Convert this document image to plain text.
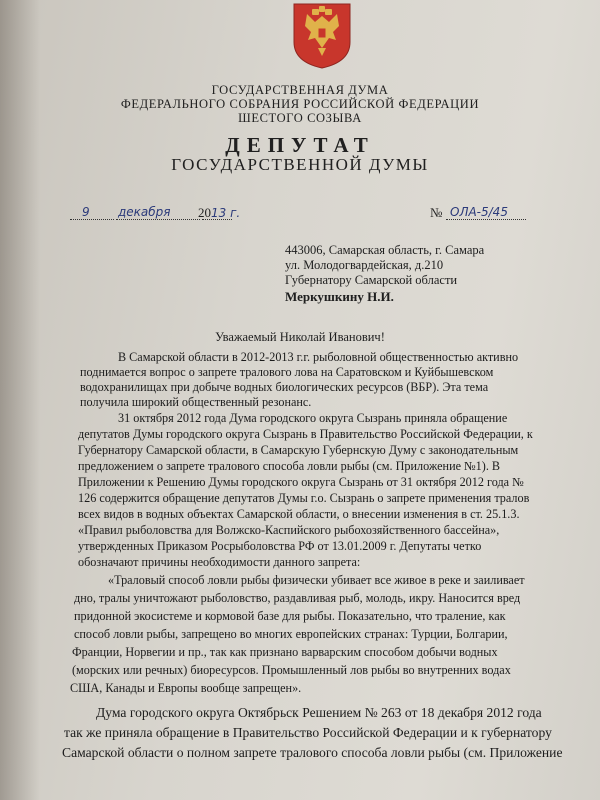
ГОСУДАРСТВЕННАЯ ДУМА

ФЕДЕРАЛЬНОГО СОБРАНИЯ РОССИЙСКОЙ ФЕДЕРАЦИИ

ШЕСТОГО СОЗЫВА

ДЕПУТАТ

ГОСУДАРСТВЕННОЙ ДУМЫ

9 декабря 2013 г.	№ ОЛА-5/45
443006, Самарская область, г. Самара
ул. Молодогвардейская, д.210
Губернатору Самарской области
Меркушкину Н.И.
Уважаемый Николай Иванович!
В Самарской области в 2012-2013 г.г. рыболовной общественностью активно
поднимается вопрос о запрете тралового лова на Саратовском и Куйбышевском
водохранилищах при добыче водных биологических ресурсов (ВБР). Эта тема
получила широкий общественный резонанс.
31 октября 2012 года Дума городского округа Сызрань приняла обращение
депутатов Думы городского округа Сызрань в Правительство Российской Федерации, к
Губернатору Самарской области, в Самарскую Губернскую Думу с законодательным
предложением о запрете тралового способа ловли рыбы (см. Приложение №1). В
Приложении к Решению Думы городского округа Сызрань от 31 октября 2012 года №
126 содержится обращение депутатов Думы г.о. Сызрань о запрете применения тралов
всех видов в водных объектах Самарской области, о внесении изменения в ст. 25.1.3.
«Правил рыболовства для Волжско-Каспийского рыбохозяйственного бассейна»,
утвержденных Приказом Росрыболовства РФ от 13.01.2009 г. Депутаты четко
обозначают причины необходимости данного запрета:
«Траловый способ ловли рыбы физически убивает все живое в реке и заиливает
дно, тралы уничтожают рыболовство, раздавливая рыб, молодь, икру. Наносится вред
придонной экосистеме и кормовой базе для рыбы. Показательно, что траление, как
способ ловли рыбы, запрещено во многих европейских странах: Турции, Болгарии,
Франции, Норвегии и пр., так как признано варварским способом добычи водных
(морских или речных) биоресурсов. Промышленный лов рыбы во внутренних водах
США, Канады и Европы вообще запрещен».
Дума городского округа Октябрьск Решением № 263 от 18 декабря 2012 года
так же приняла обращение в Правительство Российской Федерации и к губернатору
Самарской области о полном запрете тралового способа ловли рыбы (см. Приложение
